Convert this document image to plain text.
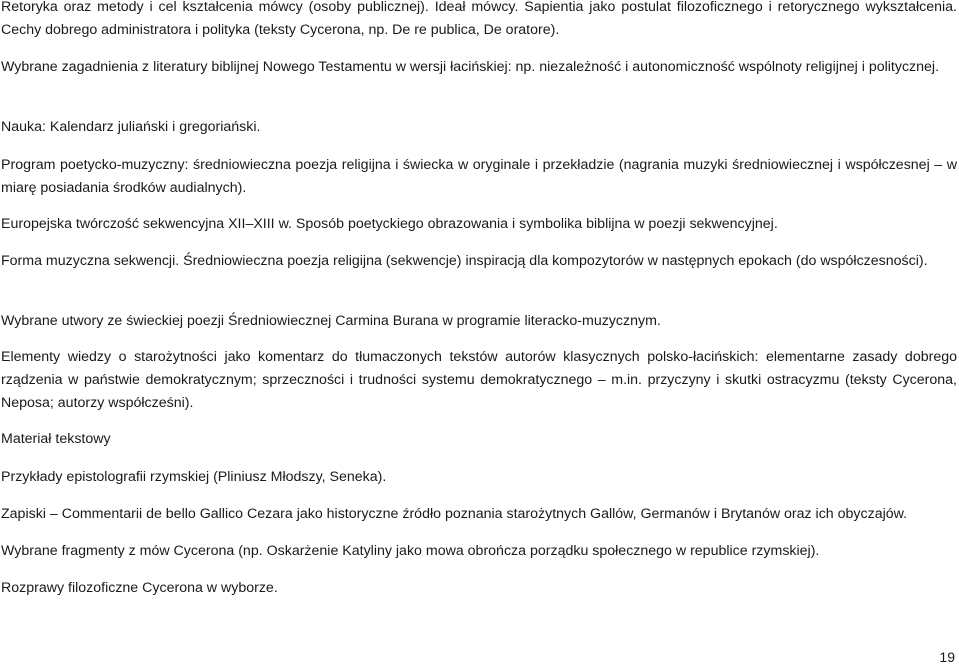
Retoryka oraz metody i cel kształcenia mówcy (osoby publicznej). Ideał mówcy. Sapientia jako postulat filozoficznego i retorycznego wykształcenia. Cechy dobrego administratora i polityka (teksty Cycerona, np. De re publica, De oratore).

Wybrane zagadnienia z literatury biblijnej Nowego Testamentu w wersji łacińskiej: np. niezależność i autonomiczność wspólnoty religijnej i politycznej.

Nauka: Kalendarz juliański i gregoriański.

Program poetycko-muzyczny: średniowieczna poezja religijna i świecka w oryginale i przekładzie (nagrania muzyki średniowiecznej i współczesnej – w miarę posiadania środków audialnych).

Europejska twórczość sekwencyjna XII–XIII w. Sposób poetyckiego obrazowania i symbolika biblijna w poezji sekwencyjnej.

Forma muzyczna sekwencji. Średniowieczna poezja religijna (sekwencje) inspiracją dla kompozytorów w następnych epokach (do współczesności).

Wybrane utwory ze świeckiej poezji Średniowiecznej Carmina Burana w programie literacko-muzycznym.

Elementy wiedzy o starożytności jako komentarz do tłumaczonych tekstów autorów klasycznych polsko-łacińskich: elementarne zasady dobrego rządzenia w państwie demokratycznym; sprzeczności i trudności systemu demokratycznego – m.in. przyczyny i skutki ostracyzmu (teksty Cycerona, Neposa; autorzy współcześni).

Materiał tekstowy

Przykłady epistolografii rzymskiej (Pliniusz Młodszy, Seneka).

Zapiski – Commentarii de bello Gallico Cezara jako historyczne źródło poznania starożytnych Gallów, Germanów i Brytanów oraz ich obyczajów.

Wybrane fragmenty z mów Cycerona (np. Oskarżenie Katyliny jako mowa obrończa porządku społecznego w republice rzymskiej).

Rozprawy filozoficzne Cycerona w wyborze.

19
